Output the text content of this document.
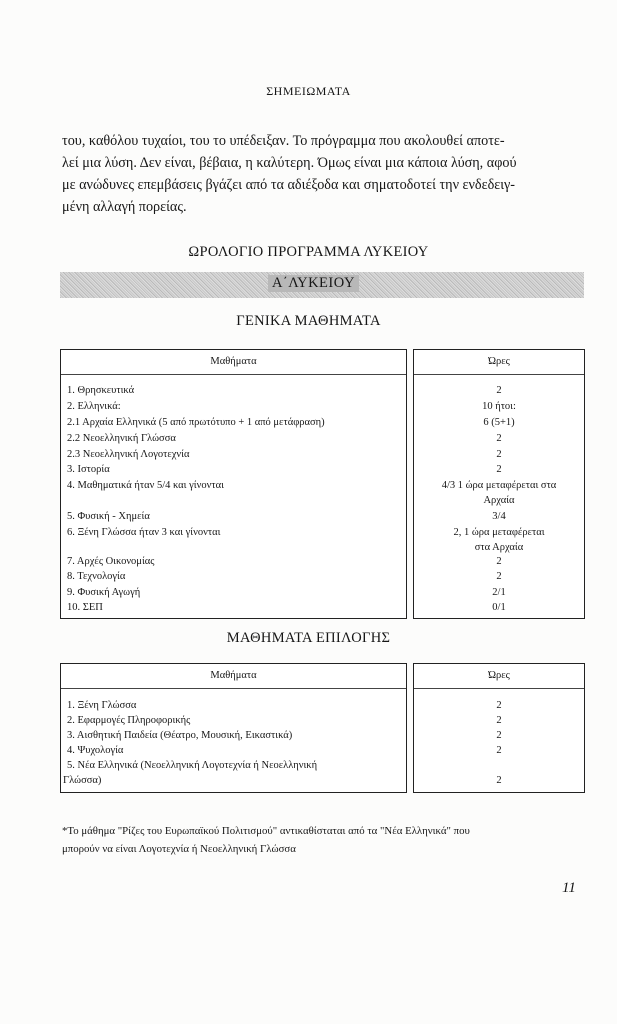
ΣΗΜΕΙΩΜΑΤΑ
του, καθόλου τυχαίοι, του το υπέδειξαν. Το πρόγραμμα που ακολουθεί αποτε-
λεί μια λύση. Δεν είναι, βέβαια, η καλύτερη. Όμως είναι μια κάποια λύση, αφού
με ανώδυνες επεμβάσεις βγάζει από τα αδιέξοδα και σηματοδοτεί την ενδεδειγ-
μένη αλλαγή πορείας.
ΩΡΟΛΟΓΙΟ ΠΡΟΓΡΑΜΜΑ ΛΥΚΕΙΟΥ
Α΄ΛΥΚΕΙΟΥ
ΓΕΝΙΚΑ ΜΑΘΗΜΑΤΑ
Μαθήματα
1. Θρησκευτικά
2. Ελληνικά:
2.1 Αρχαία Ελληνικά (5 από πρωτότυπο + 1 από μετάφραση)
2.2 Νεοελληνική Γλώσσα
2.3 Νεοελληνική Λογοτεχνία
3. Ιστορία
4. Μαθηματικά ήταν 5/4 και γίνονται
5. Φυσική - Χημεία
6. Ξένη Γλώσσα ήταν 3 και γίνονται
7. Αρχές Οικονομίας
8. Τεχνολογία
9. Φυσική Αγωγή
10. ΣΕΠ
Ώρες
2
10 ήτοι:
6 (5+1)
2
2
2
4/3 1 ώρα μεταφέρεται στα
Αρχαία
3/4
2, 1 ώρα μεταφέρεται
στα Αρχαία
2
2
2/1
0/1
ΜΑΘΗΜΑΤΑ ΕΠΙΛΟΓΗΣ
Μαθήματα
1. Ξένη Γλώσσα
2. Εφαρμογές Πληροφορικής
3. Αισθητική Παιδεία (Θέατρο, Μουσική, Εικαστικά)
4. Ψυχολογία
5. Νέα Ελληνικά (Νεοελληνική Λογοτεχνία ή Νεοελληνική
Γλώσσα)
Ώρες
2
2
2
2
2
*Το μάθημα "Ρίζες του Ευρωπαϊκού Πολιτισμού" αντικαθίσταται από τα "Νέα Ελληνικά" που
μπορούν να είναι Λογοτεχνία ή Νεοελληνική Γλώσσα
11
